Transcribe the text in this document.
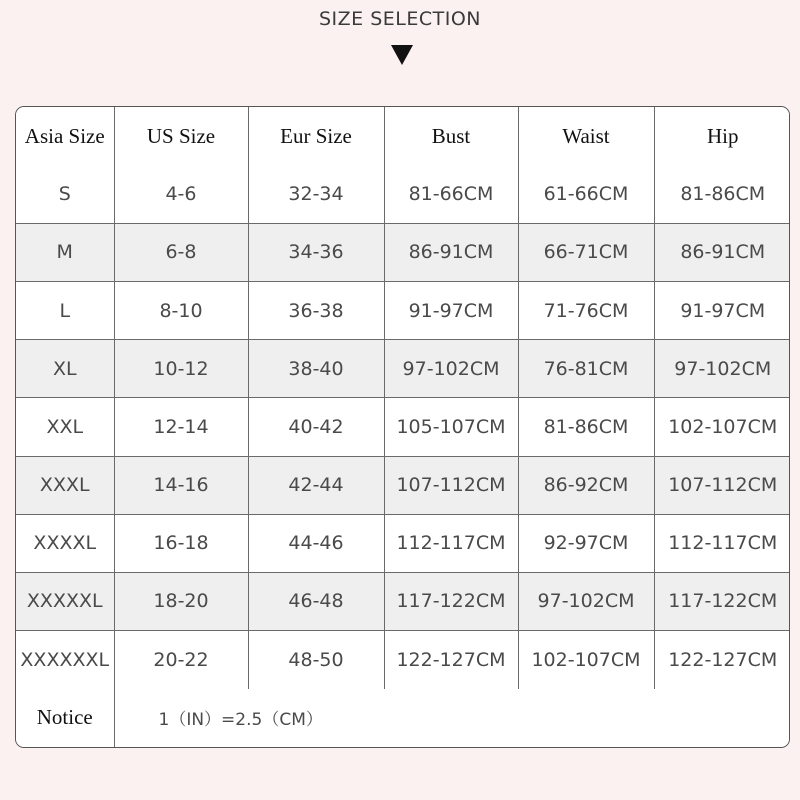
SIZE SELECTION
Asia Size	US Size	Eur Size	Bust	Waist	Hip
S	4-6	32-34	81-66CM	61-66CM	81-86CM
M	6-8	34-36	86-91CM	66-71CM	86-91CM
L	8-10	36-38	91-97CM	71-76CM	91-97CM
XL	10-12	38-40	97-102CM	76-81CM	97-102CM
XXL	12-14	40-42	105-107CM	81-86CM	102-107CM
XXXL	14-16	42-44	107-112CM	86-92CM	107-112CM
XXXXL	16-18	44-46	112-117CM	92-97CM	112-117CM
XXXXXL	18-20	46-48	117-122CM	97-102CM	117-122CM
XXXXXXL	20-22	48-50	122-127CM	102-107CM	122-127CM
Notice	1（IN）=2.5（CM）				
